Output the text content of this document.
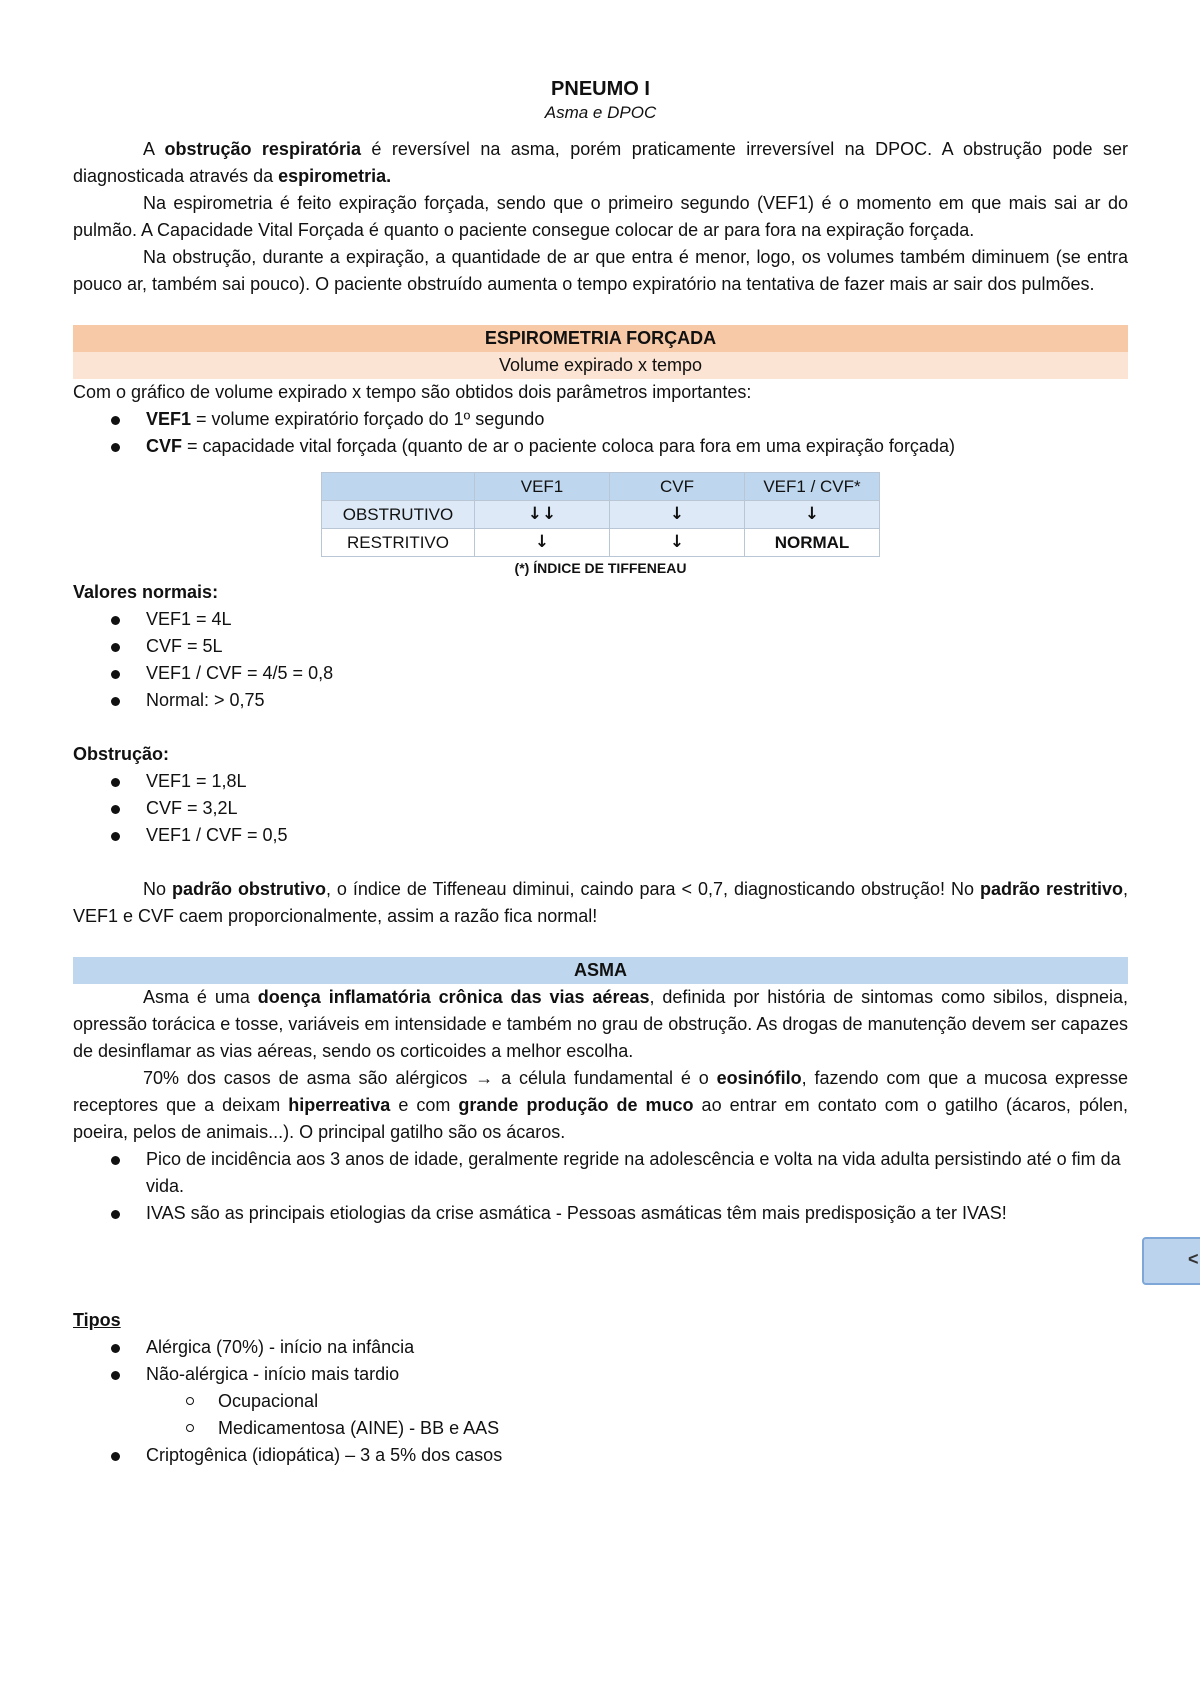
PNEUMO I
Asma e DPOC

A obstrução respiratória é reversível na asma, porém praticamente irreversível na DPOC. A obstrução pode ser diagnosticada através da espirometria.

Na espirometria é feito expiração forçada, sendo que o primeiro segundo (VEF1) é o momento em que mais sai ar do pulmão. A Capacidade Vital Forçada é quanto o paciente consegue colocar de ar para fora na expiração forçada.

Na obstrução, durante a expiração, a quantidade de ar que entra é menor, logo, os volumes também diminuem (se entra pouco ar, também sai pouco). O paciente obstruído aumenta o tempo expiratório na tentativa de fazer mais ar sair dos pulmões.

ESPIROMETRIA FORÇADA
Volume expirado x tempo

Com o gráfico de volume expirado x tempo são obtidos dois parâmetros importantes:

VEF1 = volume expiratório forçado do 1º segundo
CVF = capacidade vital forçada (quanto de ar o paciente coloca para fora em uma expiração forçada)
	VEF1	CVF	VEF1 / CVF*
OBSTRUTIVO	↓↓	↓	↓
RESTRITIVO	↓	↓	NORMAL
(*) ÍNDICE DE TIFFENEAU

Valores normais:

VEF1 = 4L
CVF = 5L
VEF1 / CVF = 4/5 = 0,8
Normal: > 0,75

Obstrução:

VEF1 = 1,8L
CVF = 3,2L
VEF1 / CVF = 0,5

No padrão obstrutivo, o índice de Tiffeneau diminui, caindo para < 0,7, diagnosticando obstrução! No padrão restritivo, VEF1 e CVF caem proporcionalmente, assim a razão fica normal!

ASMA

Asma é uma doença inflamatória crônica das vias aéreas, definida por história de sintomas como sibilos, dispneia, opressão torácica e tosse, variáveis em intensidade e também no grau de obstrução. As drogas de manutenção devem ser capazes de desinflamar as vias aéreas, sendo os corticoides a melhor escolha.

70% dos casos de asma são alérgicos → a célula fundamental é o eosinófilo, fazendo com que a mucosa expresse receptores que a deixam hiperreativa e com grande produção de muco ao entrar em contato com o gatilho (ácaros, pólen, poeira, pelos de animais...). O principal gatilho são os ácaros.

Pico de incidência aos 3 anos de idade, geralmente regride na adolescência e volta na vida adulta persistindo até o fim da vida.
IVAS são as principais etiologias da crise asmática - Pessoas asmáticas têm mais predisposição a ter IVAS!

Tipos

Alérgica (70%) - início na infância
Não-alérgica - início mais tardio
Ocupacional
Medicamentosa (AINE) - BB e AAS
Criptogênica (idiopática) – 3 a 5% dos casos
<
